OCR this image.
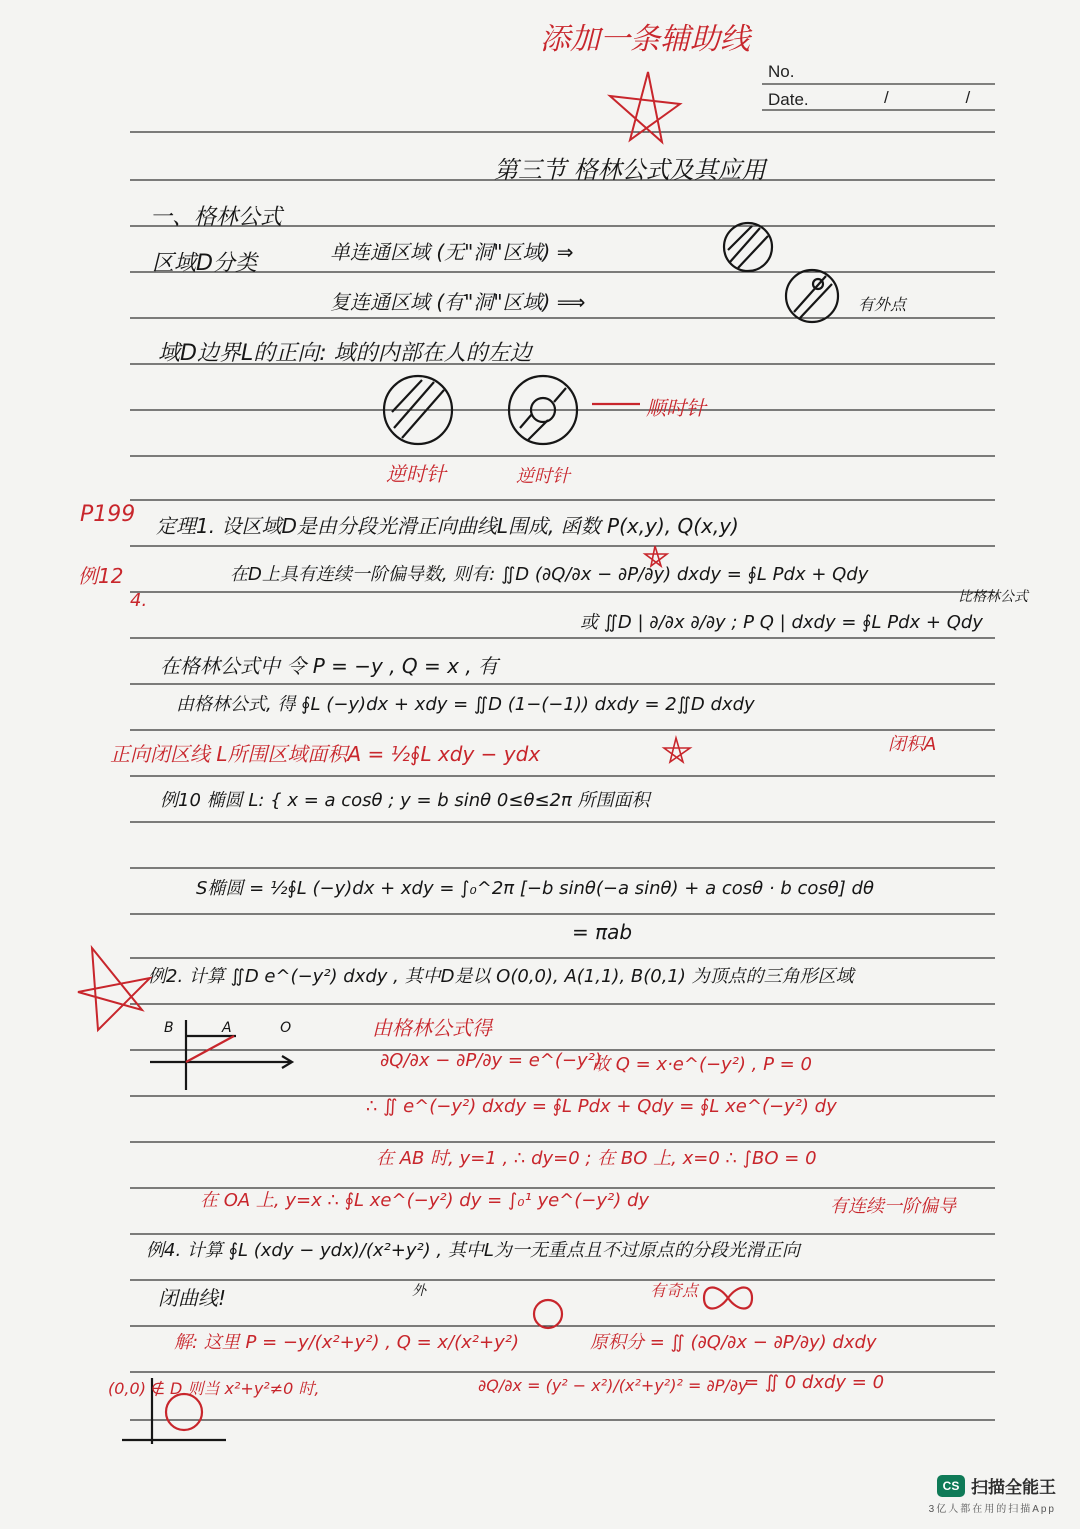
No.
Date.	/ /
添加一条辅助线
第三节 格林公式及其应用
一、格林公式
区域D分类	单连通区域 (无"洞"区域) ⇒
复连通区域 (有"洞"区域) ⟹	有外点
域D边界L的正向: 域的内部在人的左边
顺时针
逆时针	逆时针
P199
例12
4.
定理1. 设区域D是由分段光滑正向曲线L围成, 函数 P(x,y), Q(x,y)
在D上具有连续一阶偏导数, 则有: ∬D (∂Q/∂x − ∂P/∂y) dxdy = ∮L Pdx + Qdy
比格林公式
或 ∬D | ∂/∂x ∂/∂y ; P Q | dxdy = ∮L Pdx + Qdy
在格林公式中 令 P = −y , Q = x , 有
由格林公式, 得 ∮L (−y)dx + xdy = ∬D (1−(−1)) dxdy = 2∬D dxdy
闭积A
正向闭区线 L所围区域面积A = ½∮L xdy − ydx
例10 椭圆 L: { x = a cosθ ; y = b sinθ 0≤θ≤2π 所围面积
S椭圆 = ½∮L (−y)dx + xdy = ∫₀^2π [−b sinθ(−a sinθ) + a cosθ · b cosθ] dθ
= πab
例2. 计算 ∬D e^(−y²) dxdy , 其中D是以 O(0,0), A(1,1), B(0,1) 为顶点的三角形区域
B A O	由格林公式得
∂Q/∂x − ∂P/∂y = e^(−y²)
故 Q = x·e^(−y²) , P = 0
∴ ∬ e^(−y²) dxdy = ∮L Pdx + Qdy = ∮L xe^(−y²) dy
在 AB 时, y=1 , ∴ dy=0 ; 在 BO 上, x=0 ∴ ∫BO = 0
在 OA 上, y=x ∴ ∮L xe^(−y²) dy = ∫₀¹ ye^(−y²) dy	有连续一阶偏导
例4. 计算 ∮L (xdy − ydx)/(x²+y²) , 其中L为一无重点且不过原点的分段光滑正向
闭曲线!	外	有奇点
解: 这里 P = −y/(x²+y²) , Q = x/(x²+y²)	原积分 = ∬ (∂Q/∂x − ∂P/∂y) dxdy
(0,0) ∉ D 则当 x²+y²≠0 时,	∂Q/∂x = (y² − x²)/(x²+y²)² = ∂P/∂y
= ∬ 0 dxdy = 0
CS 扫描全能王
3亿人都在用的扫描App
